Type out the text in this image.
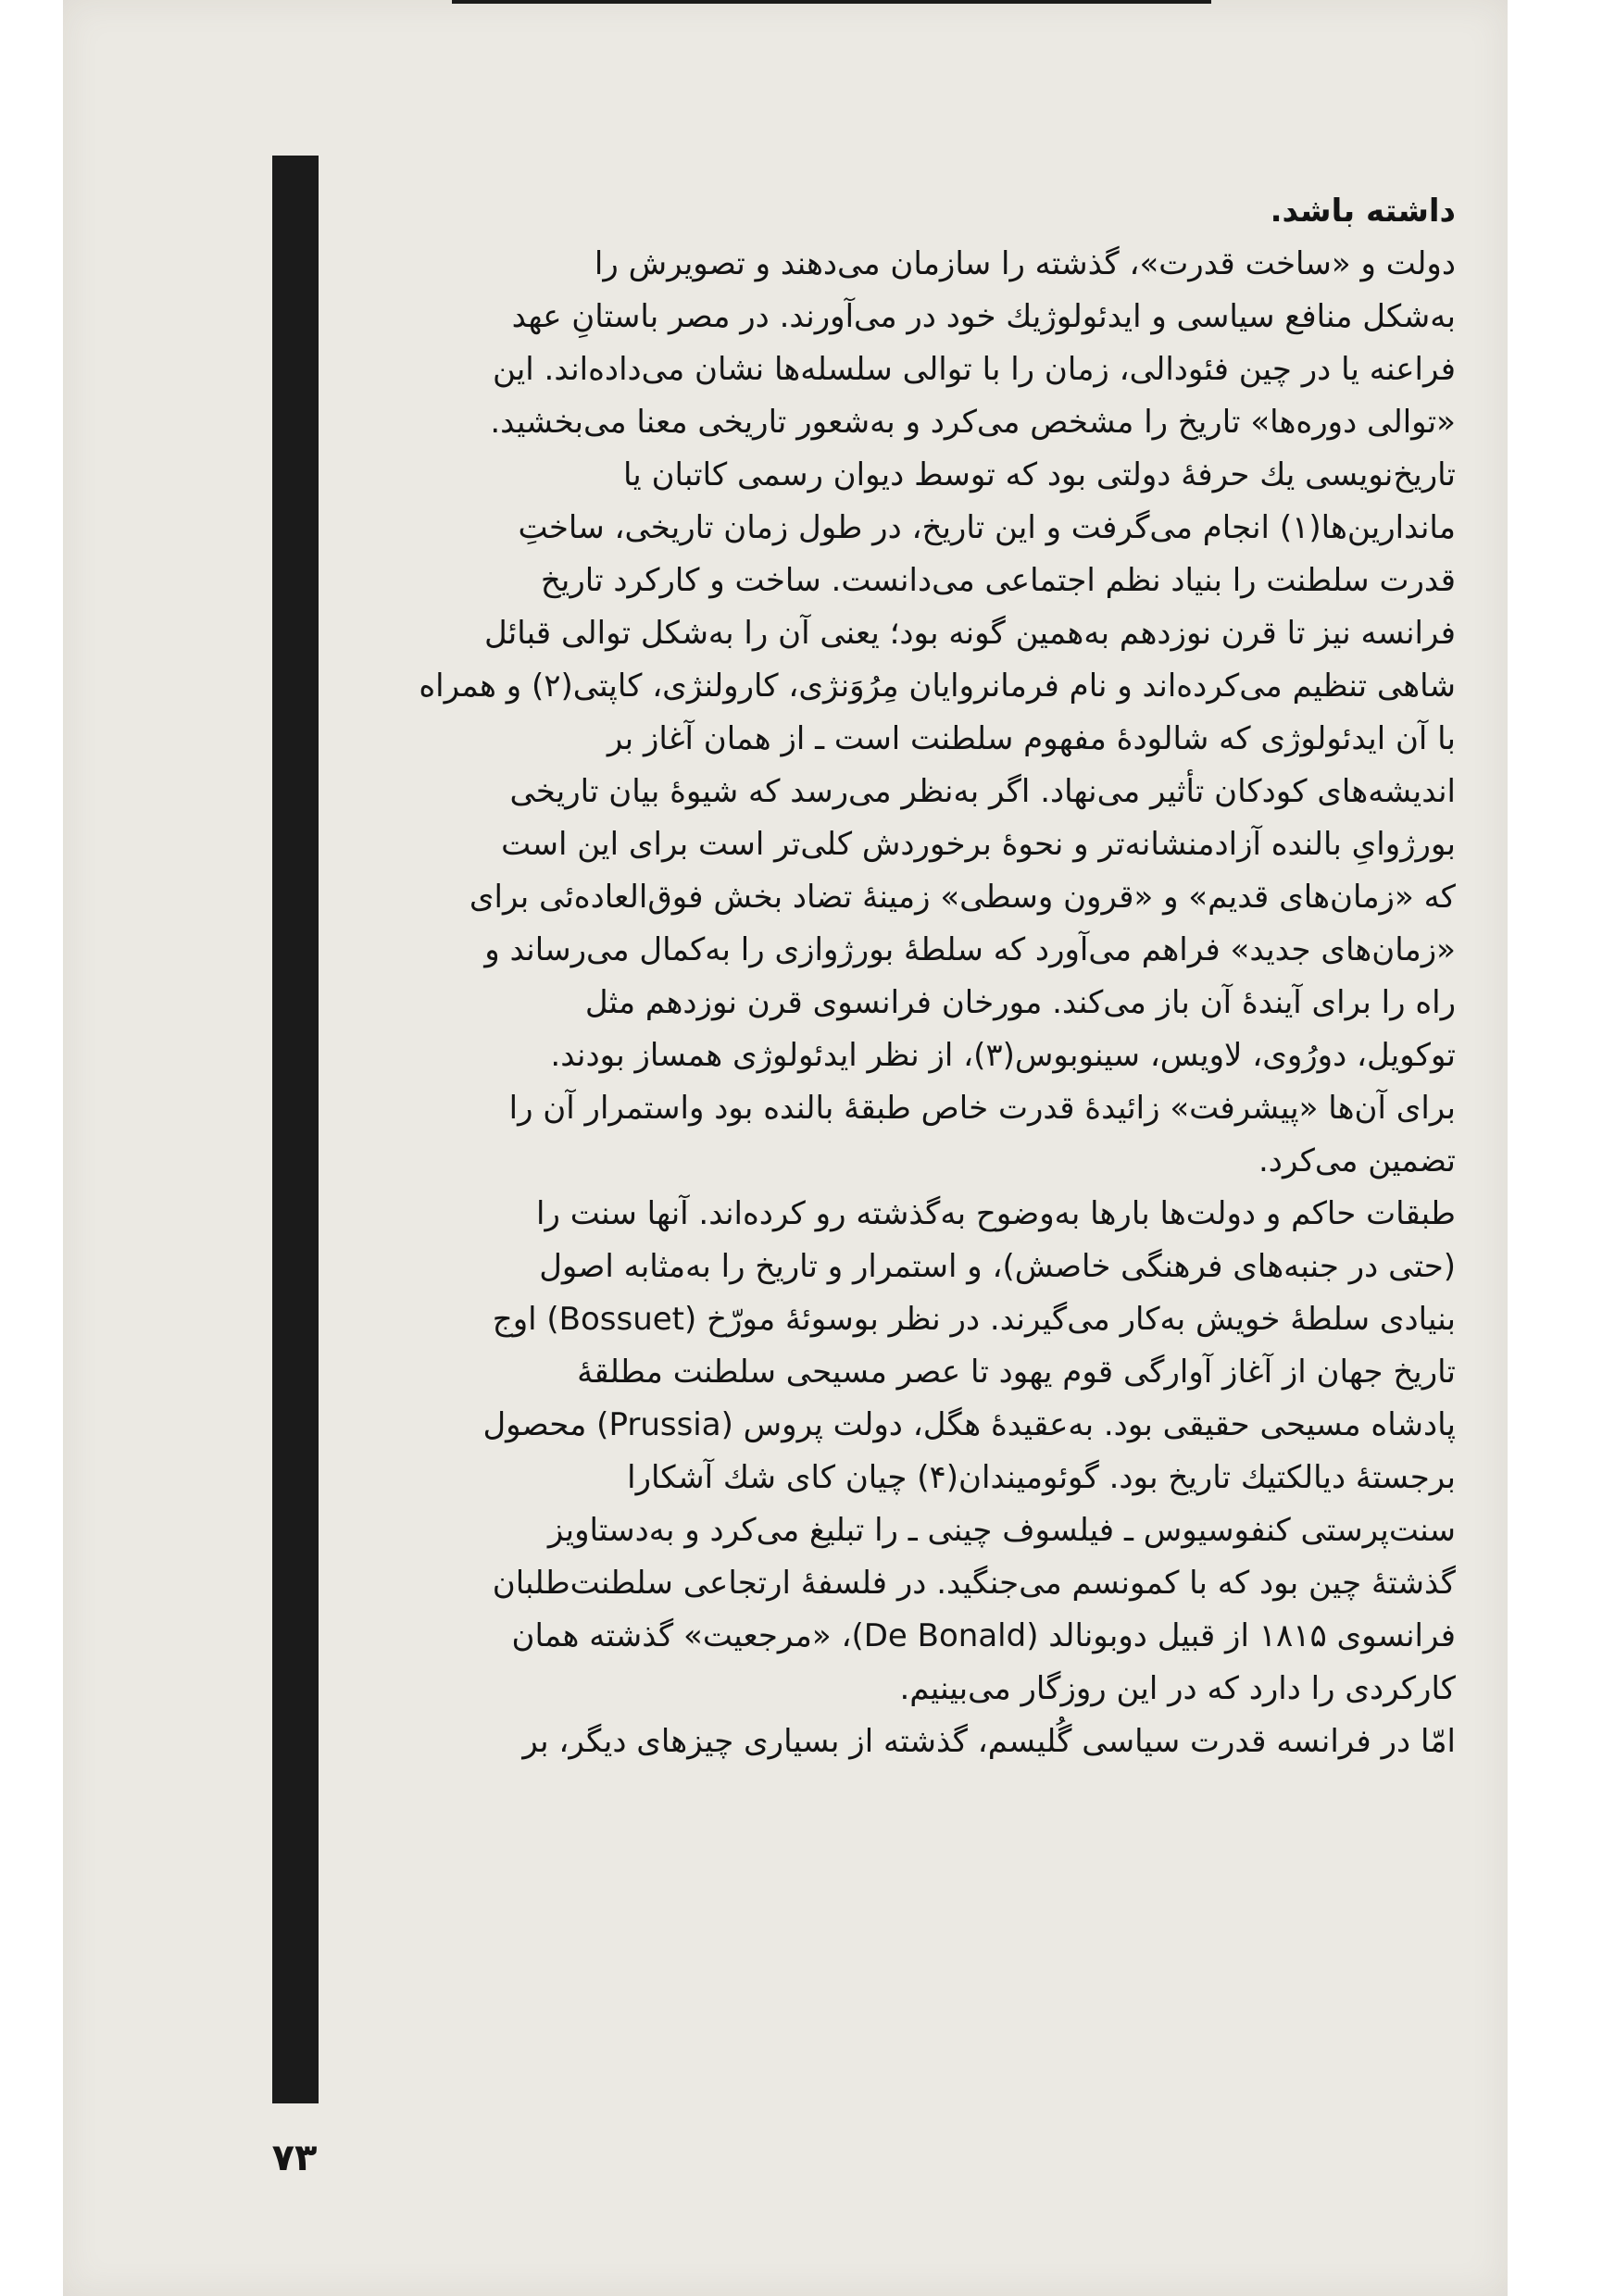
داشته باشد.
دولت و «ساخت قدرت»، گذشته را سازمان می‌دهند و تصویرش را
به‌شکل منافع سیاسی و ایدئولوژیك خود در می‌آورند. در مصر باستانِ عهد
فراعنه یا در چین فئودالی، زمان را با توالی سلسله‌ها نشان می‌داده‌اند. این
«توالی دوره‌ها» تاریخ را مشخص می‌کرد و به‌شعور تاریخی معنا می‌بخشید.
تاریخ‌نویسی یك حرفهٔ دولتی بود که توسط دیوان رسمی کاتبان یا
ماندارین‌ها(۱) انجام می‌گرفت و این تاریخ، در طول زمان تاریخی، ساختِ
قدرت سلطنت را بنیاد نظم اجتماعی می‌دانست. ساخت و کارکرد تاریخ
فرانسه نیز تا قرن نوزدهم به‌همین گونه بود؛ یعنی آن را به‌شکل توالی قبائل
شاهی تنظیم می‌کرده‌اند و نام فرمانروایان مِرُوَنژی، کارولنژی، کاپتی(۲) و همراه
با آن ایدئولوژی که شالودهٔ مفهوم سلطنت است ـ از همان آغاز بر
اندیشه‌های کودکان تأثیر می‌نهاد. اگر به‌نظر می‌رسد که شیوهٔ بیان تاریخی
بورژوایِ بالنده آزادمنشانه‌تر و نحوهٔ برخوردش کلی‌تر است برای این است
که «زمان‌های قدیم» و «قرون وسطی» زمینهٔ تضاد بخش فوق‌العاده‌ئی برای
«زمان‌های جدید» فراهم می‌آورد که سلطهٔ بورژوازی را به‌کمال می‌رساند و
راه را برای آیندهٔ آن باز می‌کند. مورخان فرانسوی قرن نوزدهم مثل
توکویل، دورُوی، لاویس، سینوبوس(۳)، از نظر ایدئولوژی همساز بودند.
برای آن‌ها «پیشرفت» زائیدهٔ قدرت خاص طبقهٔ بالنده بود واستمرار آن را
تضمین می‌کرد.
طبقات حاکم و دولت‌ها بارها به‌وضوح به‌گذشته رو کرده‌اند. آنها سنت را
(حتی در جنبه‌های فرهنگی خاصش)، و استمرار و تاریخ را به‌مثابه اصول
بنیادی سلطهٔ خویش به‌کار می‌گیرند. در نظر بوسوئهٔ مورّخ (Bossuet) اوج
تاریخ جهان از آغاز آوارگی قوم یهود تا عصر مسیحی سلطنت مطلقهٔ
پادشاه مسیحی حقیقی بود. به‌عقیدهٔ هگل، دولت پروس (Prussia) محصول
برجستهٔ دیالکتیك تاریخ بود. گوئومیندان(۴) چیان کای شك آشکارا
سنت‌پرستی کنفوسیوس ـ فیلسوف چینی ـ را تبلیغ می‌کرد و به‌دستاویز
گذشتهٔ چین بود که با کمونسم می‌جنگید. در فلسفهٔ ارتجاعی سلطنت‌طلبان
فرانسوی ۱۸۱۵ از قبیل دوبونالد (De Bonald)، «مرجعیت» گذشته همان
کارکردی را دارد که در این روزگار می‌بینیم.
امّا در فرانسه قدرت سیاسی گُلیسم، گذشته از بسیاری چیزهای دیگر، بر
۷۳
